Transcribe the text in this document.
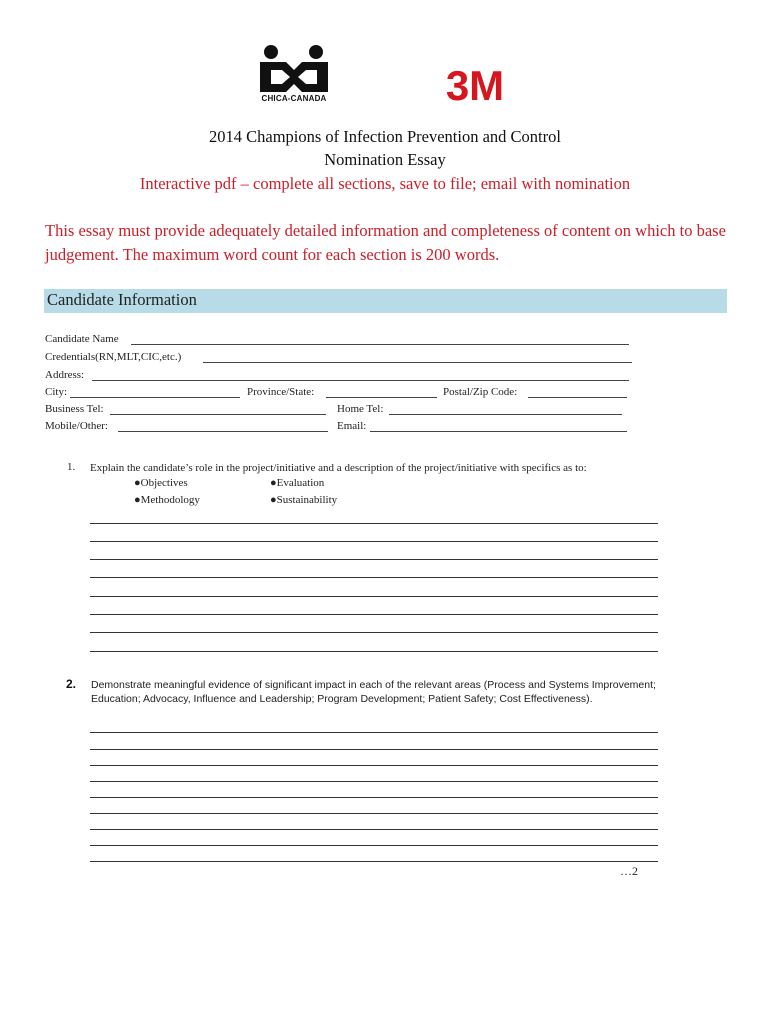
CHICA-CANADA	3M
2014 Champions of Infection Prevention and Control
Nomination Essay
Interactive pdf – complete all sections, save to file; email with nomination
This essay must provide adequately detailed information and completeness of content on which to base judgement. The maximum word count for each section is 200 words.
Candidate Information
Candidate Name
Credentials(RN,MLT,CIC,etc.)
Address:
City:	Province/State:	Postal/Zip Code:
Business Tel:	Home Tel:
Mobile/Other:	Email:
1. Explain the candidate’s role in the project/initiative and a description of the project/initiative with specifics as to:
●Objectives	●Evaluation
●Methodology	●Sustainability
2. Demonstrate meaningful evidence of significant impact in each of the relevant areas (Process and Systems Improvement; Education; Advocacy, Influence and Leadership; Program Development; Patient Safety; Cost Effectiveness).
…2
